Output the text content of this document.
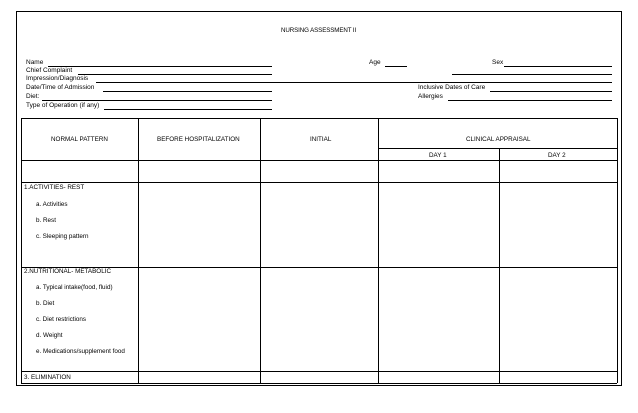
NURSING ASSESSMENT II
Name	Age	Sex
Chief Complaint
Impression/Diagnosis
Date/Time of Admission	Inclusive Dates of Care
Diet:	Allergies
Type of Operation (if any)
NORMAL PATTERN	BEFORE HOSPITALIZATION	INITIAL	CLINICAL APPRAISAL
DAY 1	DAY 2
1.ACTIVITIES- REST
a. Activities
b. Rest
c. Sleeping pattern
2.NUTRITIONAL- METABOLIC
a. Typical intake(food, fluid)
b. Diet
c. Diet restrictions
d. Weight
e. Medications/supplement food
3. ELIMINATION
